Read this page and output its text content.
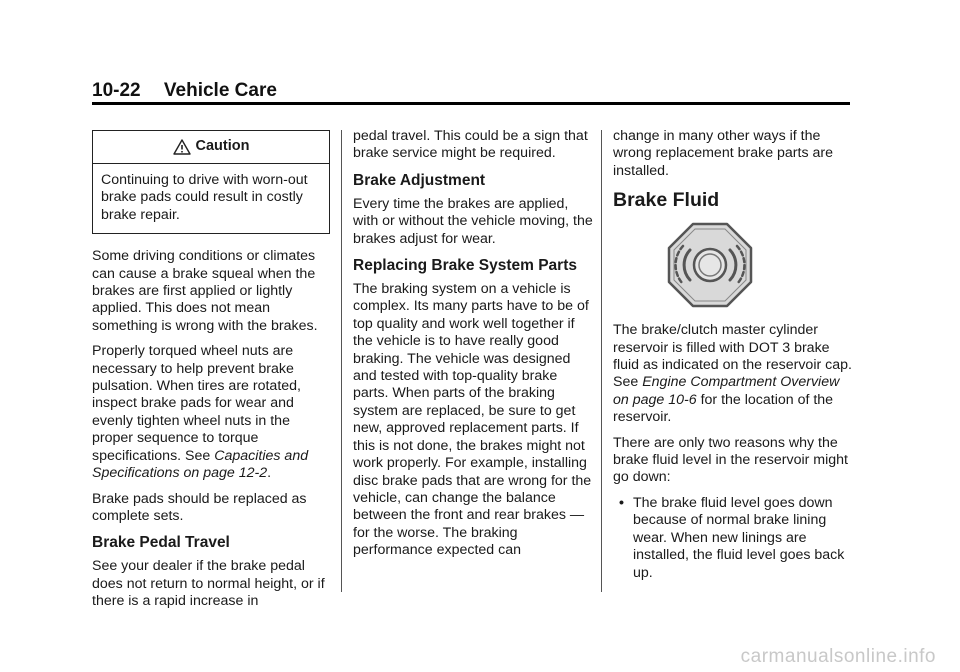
10-22 Vehicle Care
Caution
Continuing to drive with worn-out brake pads could result in costly brake repair.

Some driving conditions or climates can cause a brake squeal when the brakes are first applied or lightly applied. This does not mean something is wrong with the brakes.

Properly torqued wheel nuts are necessary to help prevent brake pulsation. When tires are rotated, inspect brake pads for wear and evenly tighten wheel nuts in the proper sequence to torque specifications. See Capacities and Specifications on page 12-2.

Brake pads should be replaced as complete sets.

Brake Pedal Travel

See your dealer if the brake pedal does not return to normal height, or if there is a rapid increase in

pedal travel. This could be a sign that brake service might be required.

Brake Adjustment

Every time the brakes are applied, with or without the vehicle moving, the brakes adjust for wear.

Replacing Brake System Parts

The braking system on a vehicle is complex. Its many parts have to be of top quality and work well together if the vehicle is to have really good braking. The vehicle was designed and tested with top-quality brake parts. When parts of the braking system are replaced, be sure to get new, approved replacement parts. If this is not done, the brakes might not work properly. For example, installing disc brake pads that are wrong for the vehicle, can change the balance between the front and rear brakes — for the worse. The braking performance expected can

change in many other ways if the wrong replacement brake parts are installed.

Brake Fluid

The brake/clutch master cylinder reservoir is filled with DOT 3 brake fluid as indicated on the reservoir cap. See Engine Compartment Overview on page 10-6 for the location of the reservoir.

There are only two reasons why the brake fluid level in the reservoir might go down:

• The brake fluid level goes down because of normal brake lining wear. When new linings are installed, the fluid level goes back up.
carmanualsonline.info
